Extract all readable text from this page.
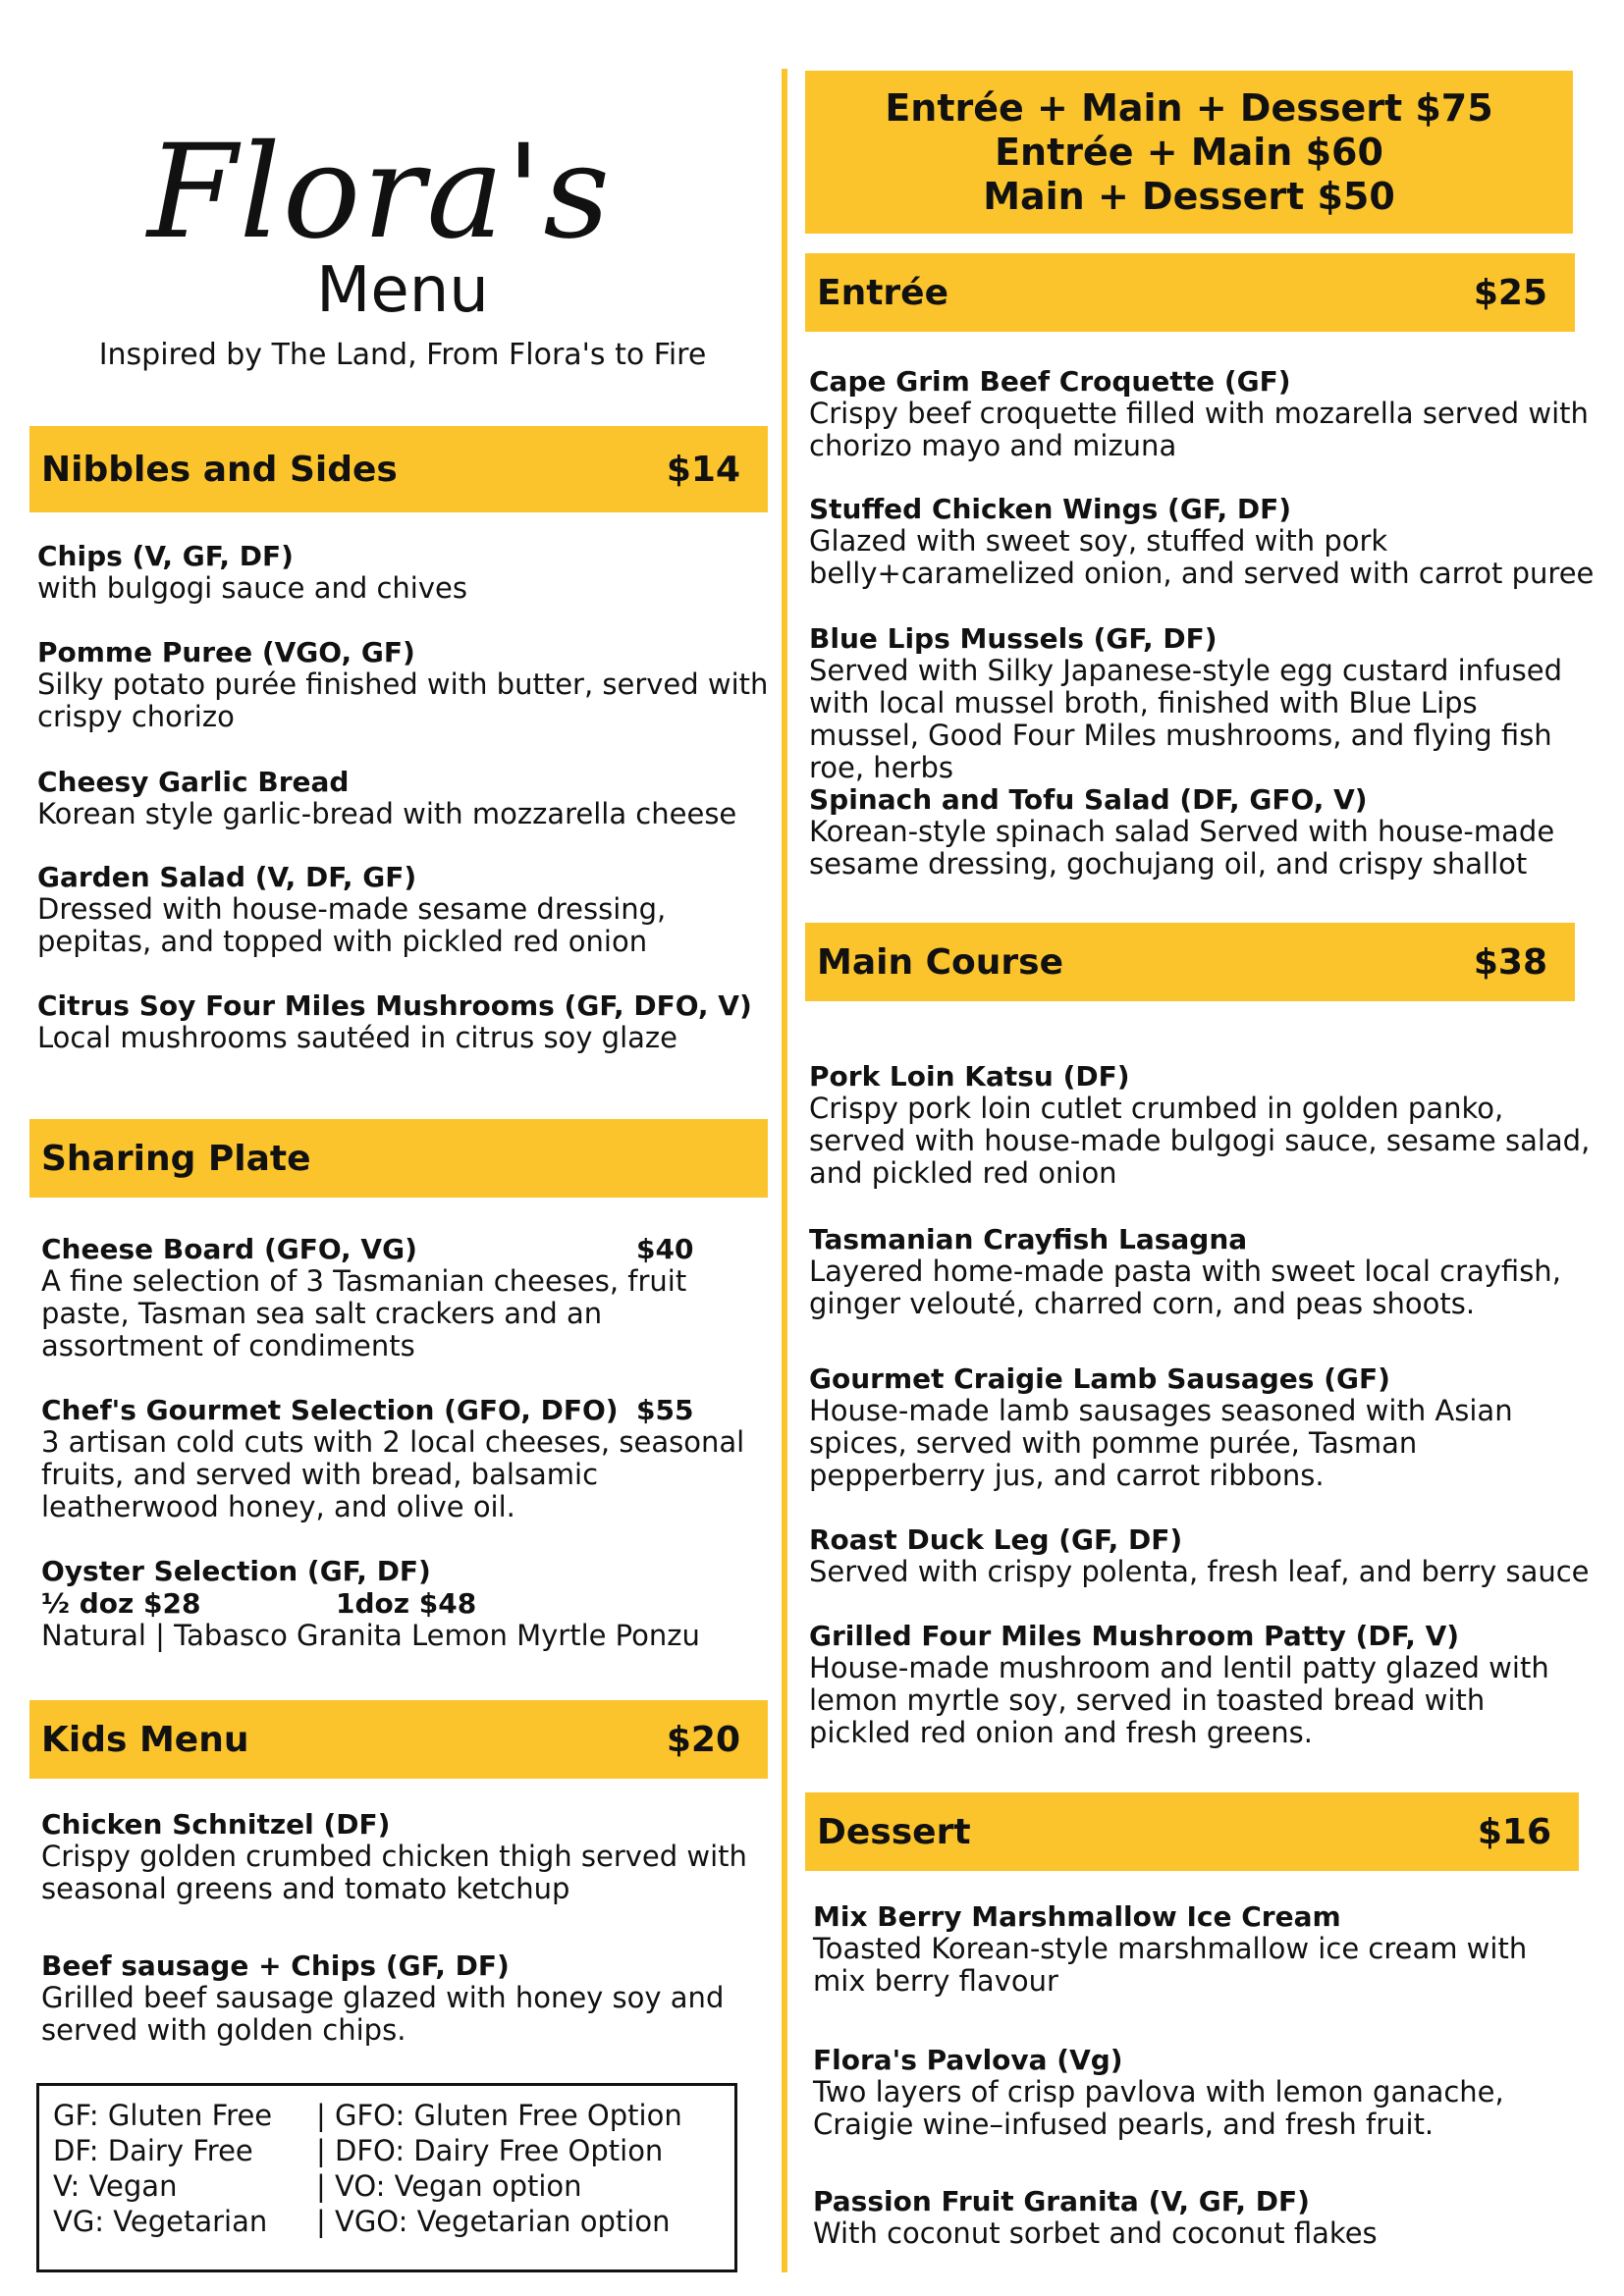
Flora's
Menu
Inspired by The Land, From Flora's to Fire
Nibbles and Sides	$14
Chips (V, GF, DF)
with bulgogi sauce and chives
Pomme Puree (VGO, GF)
Silky potato purée finished with butter, served with crispy chorizo
Cheesy Garlic Bread
Korean style garlic-bread with mozzarella cheese
Garden Salad (V, DF, GF)
Dressed with house-made sesame dressing, pepitas, and topped with pickled red onion
Citrus Soy Four Miles Mushrooms (GF, DFO, V)
Local mushrooms sautéed in citrus soy glaze
Sharing Plate
Cheese Board (GFO, VG)	$40
A fine selection of 3 Tasmanian cheeses, fruit paste, Tasman sea salt crackers and an assortment of condiments
Chef's Gourmet Selection (GFO, DFO) $55
3 artisan cold cuts with 2 local cheeses, seasonal fruits, and served with bread, balsamic leatherwood honey, and olive oil.
Oyster Selection (GF, DF)
½ doz $28	1doz $48
Natural | Tabasco Granita Lemon Myrtle Ponzu
Kids Menu	$20
Chicken Schnitzel (DF)
Crispy golden crumbed chicken thigh served with seasonal greens and tomato ketchup
Beef sausage + Chips (GF, DF)
Grilled beef sausage glazed with honey soy and served with golden chips.
GF: Gluten Free	| GFO: Gluten Free Option
DF: Dairy Free	| DFO: Dairy Free Option
V: Vegan	| VO: Vegan option
VG: Vegetarian	| VGO: Vegetarian option
Entrée + Main + Dessert $75
Entrée + Main $60
Main + Dessert $50
Entrée	$25
Cape Grim Beef Croquette (GF)
Crispy beef croquette filled with mozarella served with chorizo mayo and mizuna
Stuffed Chicken Wings (GF, DF)
Glazed with sweet soy, stuffed with pork belly+caramelized onion, and served with carrot puree
Blue Lips Mussels (GF, DF)
Served with Silky Japanese-style egg custard infused with local mussel broth, finished with Blue Lips mussel, Good Four Miles mushrooms, and flying fish roe, herbs
Spinach and Tofu Salad (DF, GFO, V)
Korean-style spinach salad Served with house-made sesame dressing, gochujang oil, and crispy shallot
Main Course	$38
Pork Loin Katsu (DF)
Crispy pork loin cutlet crumbed in golden panko, served with house-made bulgogi sauce, sesame salad, and pickled red onion
Tasmanian Crayfish Lasagna
Layered home-made pasta with sweet local crayfish, ginger velouté, charred corn, and peas shoots.
Gourmet Craigie Lamb Sausages (GF)
House-made lamb sausages seasoned with Asian spices, served with pomme purée, Tasman pepperberry jus, and carrot ribbons.
Roast Duck Leg (GF, DF)
Served with crispy polenta, fresh leaf, and berry sauce
Grilled Four Miles Mushroom Patty (DF, V)
House-made mushroom and lentil patty glazed with lemon myrtle soy, served in toasted bread with pickled red onion and fresh greens.
Dessert	$16
Mix Berry Marshmallow Ice Cream
Toasted Korean-style marshmallow ice cream with mix berry flavour
Flora's Pavlova (Vg)
Two layers of crisp pavlova with lemon ganache, Craigie wine–infused pearls, and fresh fruit.
Passion Fruit Granita (V, GF, DF)
With coconut sorbet and coconut flakes
